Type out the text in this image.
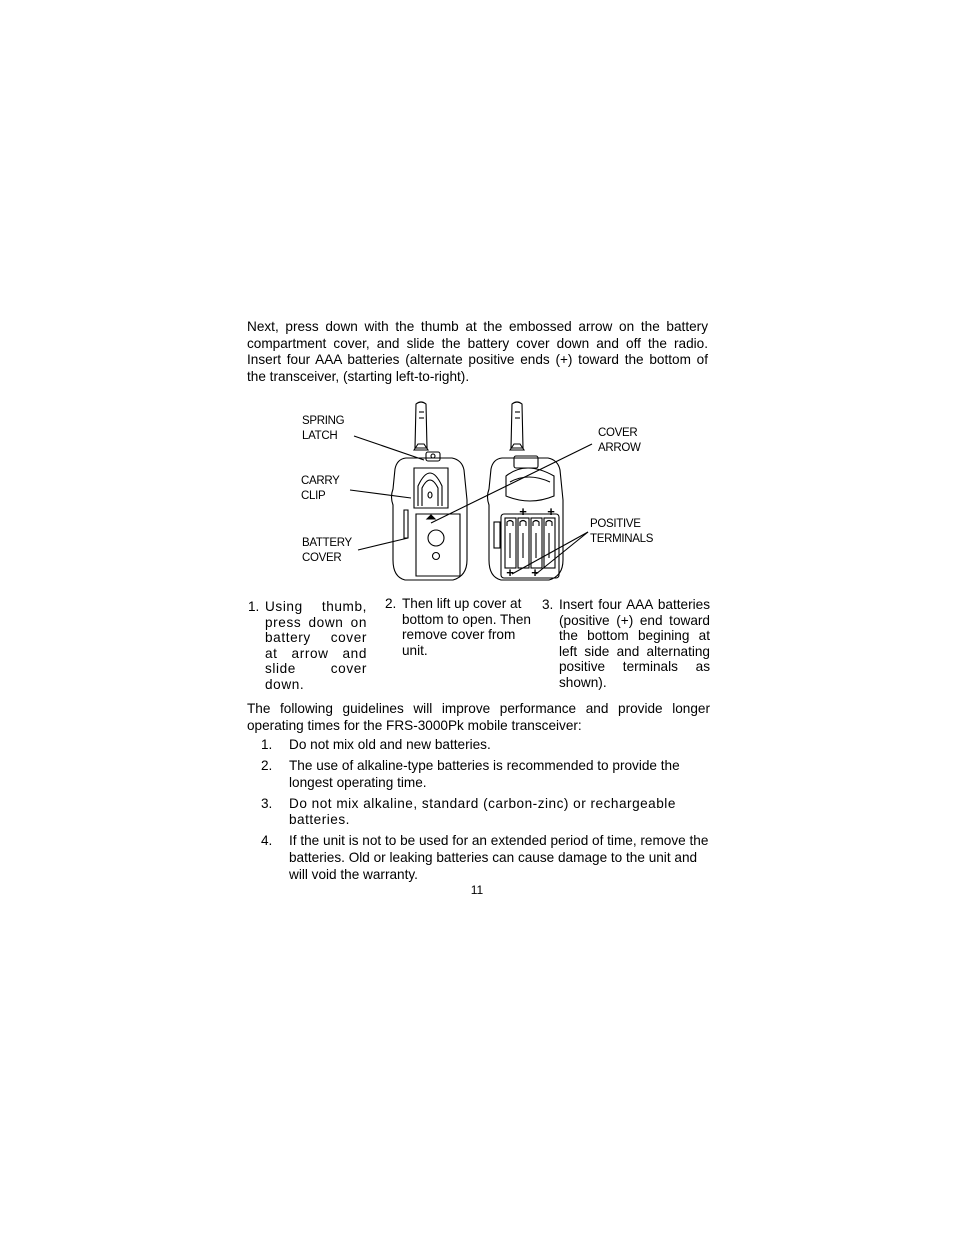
Next, press down with the thumb at the embossed arrow on the battery compartment cover, and slide the battery cover down and off the radio. Insert four AAA batteries (alternate positive ends (+) toward the bottom of the transceiver, (starting left-to-right).

+ +
+ +
SPRING
LATCH
CARRY
CLIP
BATTERY
COVER
COVER
ARROW
POSITIVE
TERMINALS
1. Using thumb, press down on battery cover at arrow and slide cover down.
2. Then lift up cover at bottom to open. Then remove cover from unit.
3. Insert four AAA batteries (positive (+) end toward the bottom begining at left side and alternating positive terminals as shown).

The following guidelines will improve performance and provide longer operating times for the FRS-3000Pk mobile transceiver:

1. Do not mix old and new batteries.
2. The use of alkaline-type batteries is recommended to provide the longest operating time.
3. Do not mix alkaline, standard (carbon-zinc) or rechargeable batteries.
4. If the unit is not to be used for an extended period of time, remove the batteries. Old or leaking batteries can cause damage to the unit and will void the warranty.
11
